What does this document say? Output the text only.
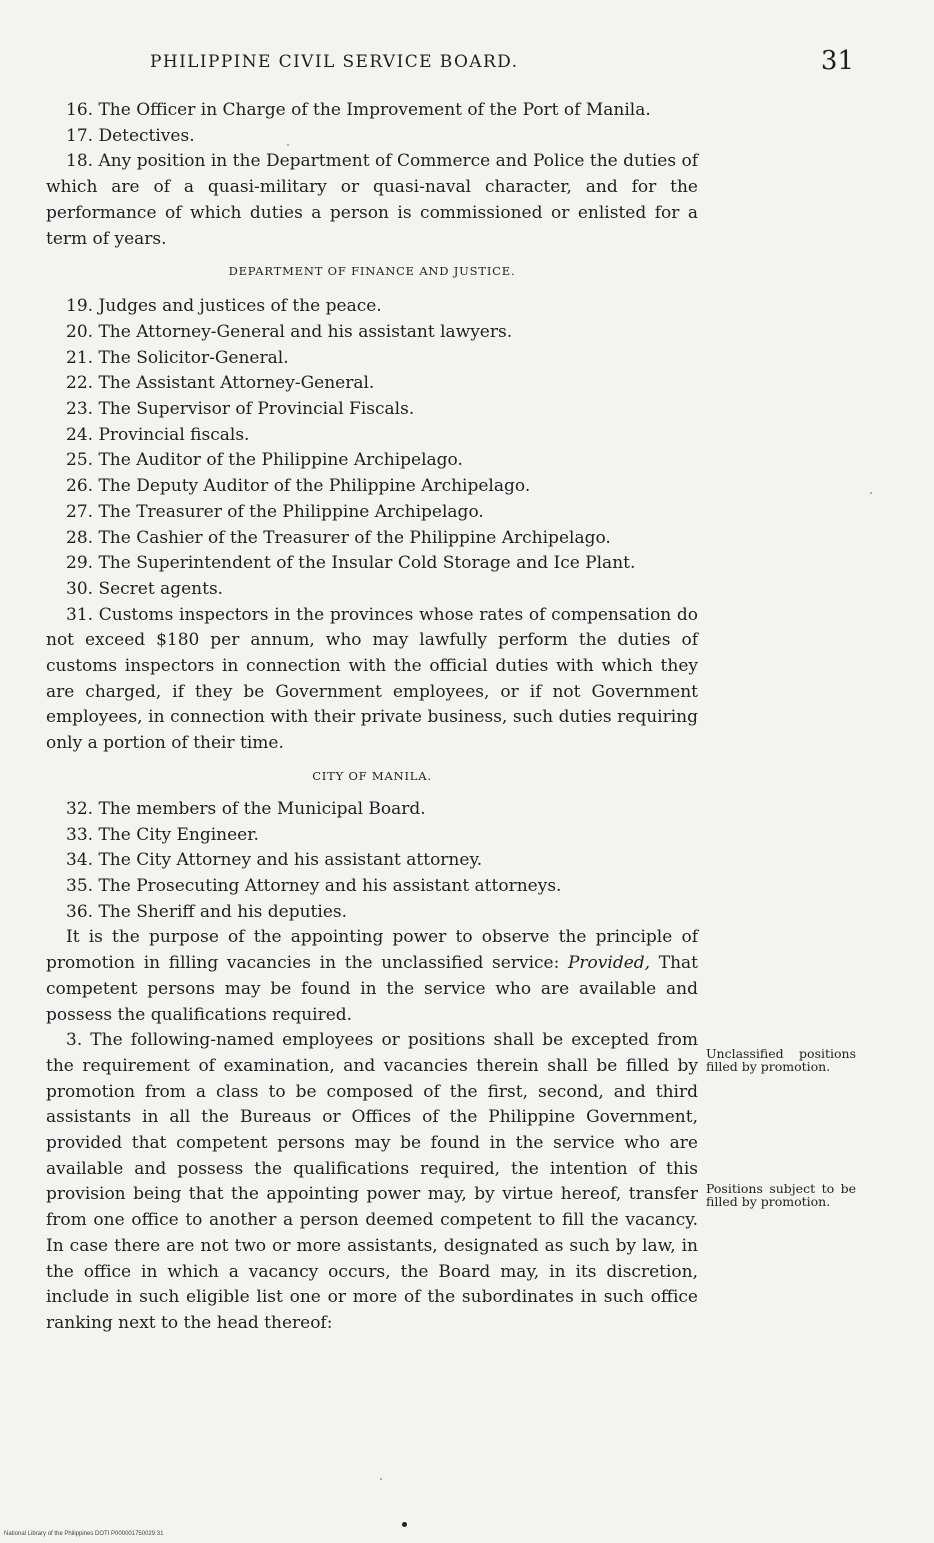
PHILIPPINE CIVIL SERVICE BOARD.	31

16. The Officer in Charge of the Improvement of the Port of Manila.

17. Detectives.

18. Any position in the Department of Commerce and Police the duties of which are of a quasi-military or quasi-naval character, and for the performance of which duties a person is commissioned or enlisted for a term of years.

DEPARTMENT OF FINANCE AND JUSTICE.

19. Judges and justices of the peace.

20. The Attorney-General and his assistant lawyers.

21. The Solicitor-General.

22. The Assistant Attorney-General.

23. The Supervisor of Provincial Fiscals.

24. Provincial fiscals.

25. The Auditor of the Philippine Archipelago.

26. The Deputy Auditor of the Philippine Archipelago.

27. The Treasurer of the Philippine Archipelago.

28. The Cashier of the Treasurer of the Philippine Archipelago.

29. The Superintendent of the Insular Cold Storage and Ice Plant.

30. Secret agents.

31. Customs inspectors in the provinces whose rates of compensation do not exceed $180 per annum, who may lawfully perform the duties of customs inspectors in connection with the official duties with which they are charged, if they be Government employees, or if not Government employees, in connection with their private business, such duties requiring only a portion of their time.

CITY OF MANILA.

32. The members of the Municipal Board.

33. The City Engineer.

34. The City Attorney and his assistant attorney.

35. The Prosecuting Attorney and his assistant attorneys.

36. The Sheriff and his deputies.

It is the purpose of the appointing power to observe the principle of promotion in filling vacancies in the unclassified service: Provided, That competent persons may be found in the service who are available and possess the qualifications required.

3. The following-named employees or positions shall be excepted from the requirement of examination, and vacancies therein shall be filled by promotion from a class to be composed of the first, second, and third assistants in all the Bureaus or Offices of the Philippine Government, provided that competent persons may be found in the service who are available and possess the qualifications required, the intention of this provision being that the appointing power may, by virtue hereof, transfer from one office to another a person deemed competent to fill the vacancy. In case there are not two or more assistants, designated as such by law, in the office in which a vacancy occurs, the Board may, in its discretion, include in such eligible list one or more of the subordinates in such office ranking next to the head thereof:

Unclassified positions filled by promotion.
Positions subject to be filled by promotion.
National Library of the Philippines DOTI P000001750029 31
